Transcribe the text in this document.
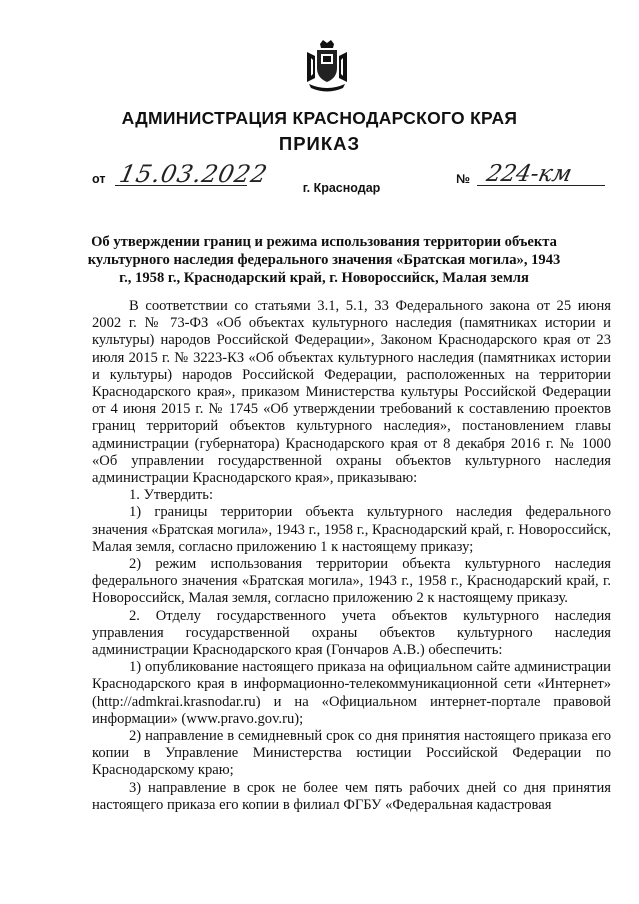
АДМИНИСТРАЦИЯ КРАСНОДАРСКОГО КРАЯ
ПРИКАЗ
от 15.03.2022	г. Краснодар
№ 224-км
Об утверждении границ и режима использования территории объекта культурного наследия федерального значения «Братская могила», 1943 г., 1958 г., Краснодарский край, г. Новороссийск, Малая земля

В соответствии со статьями 3.1, 5.1, 33 Федерального закона от 25 июня 2002 г. № 73-ФЗ «Об объектах культурного наследия (памятниках истории и культуры) народов Российской Федерации», Законом Краснодарского края от 23 июля 2015 г. № 3223-КЗ «Об объектах культурного наследия (памятниках истории и культуры) народов Российской Федерации, расположенных на территории Краснодарского края», приказом Министерства культуры Российской Федерации от 4 июня 2015 г. № 1745 «Об утверждении требований к составлению проектов границ территорий объектов культурного наследия», постановлением главы администрации (губернатора) Краснодарского края от 8 декабря 2016 г. № 1000 «Об управлении государственной охраны объектов культурного наследия администрации Краснодарского края», приказываю:

1. Утвердить:

1) границы территории объекта культурного наследия федерального значения «Братская могила», 1943 г., 1958 г., Краснодарский край, г. Новороссийск, Малая земля, согласно приложению 1 к настоящему приказу;

2) режим использования территории объекта культурного наследия федерального значения «Братская могила», 1943 г., 1958 г., Краснодарский край, г. Новороссийск, Малая земля, согласно приложению 2 к настоящему приказу.

2. Отделу государственного учета объектов культурного наследия управления государственной охраны объектов культурного наследия администрации Краснодарского края (Гончаров А.В.) обеспечить:

1) опубликование настоящего приказа на официальном сайте администрации Краснодарского края в информационно-телекоммуникационной сети «Интернет» (http://admkrai.krasnodar.ru) и на «Официальном интернет-портале правовой информации» (www.pravo.gov.ru);

2) направление в семидневный срок со дня принятия настоящего приказа его копии в Управление Министерства юстиции Российской Федерации по Краснодарскому краю;

3) направление в срок не более чем пять рабочих дней со дня принятия настоящего приказа его копии в филиал ФГБУ «Федеральная кадастровая
